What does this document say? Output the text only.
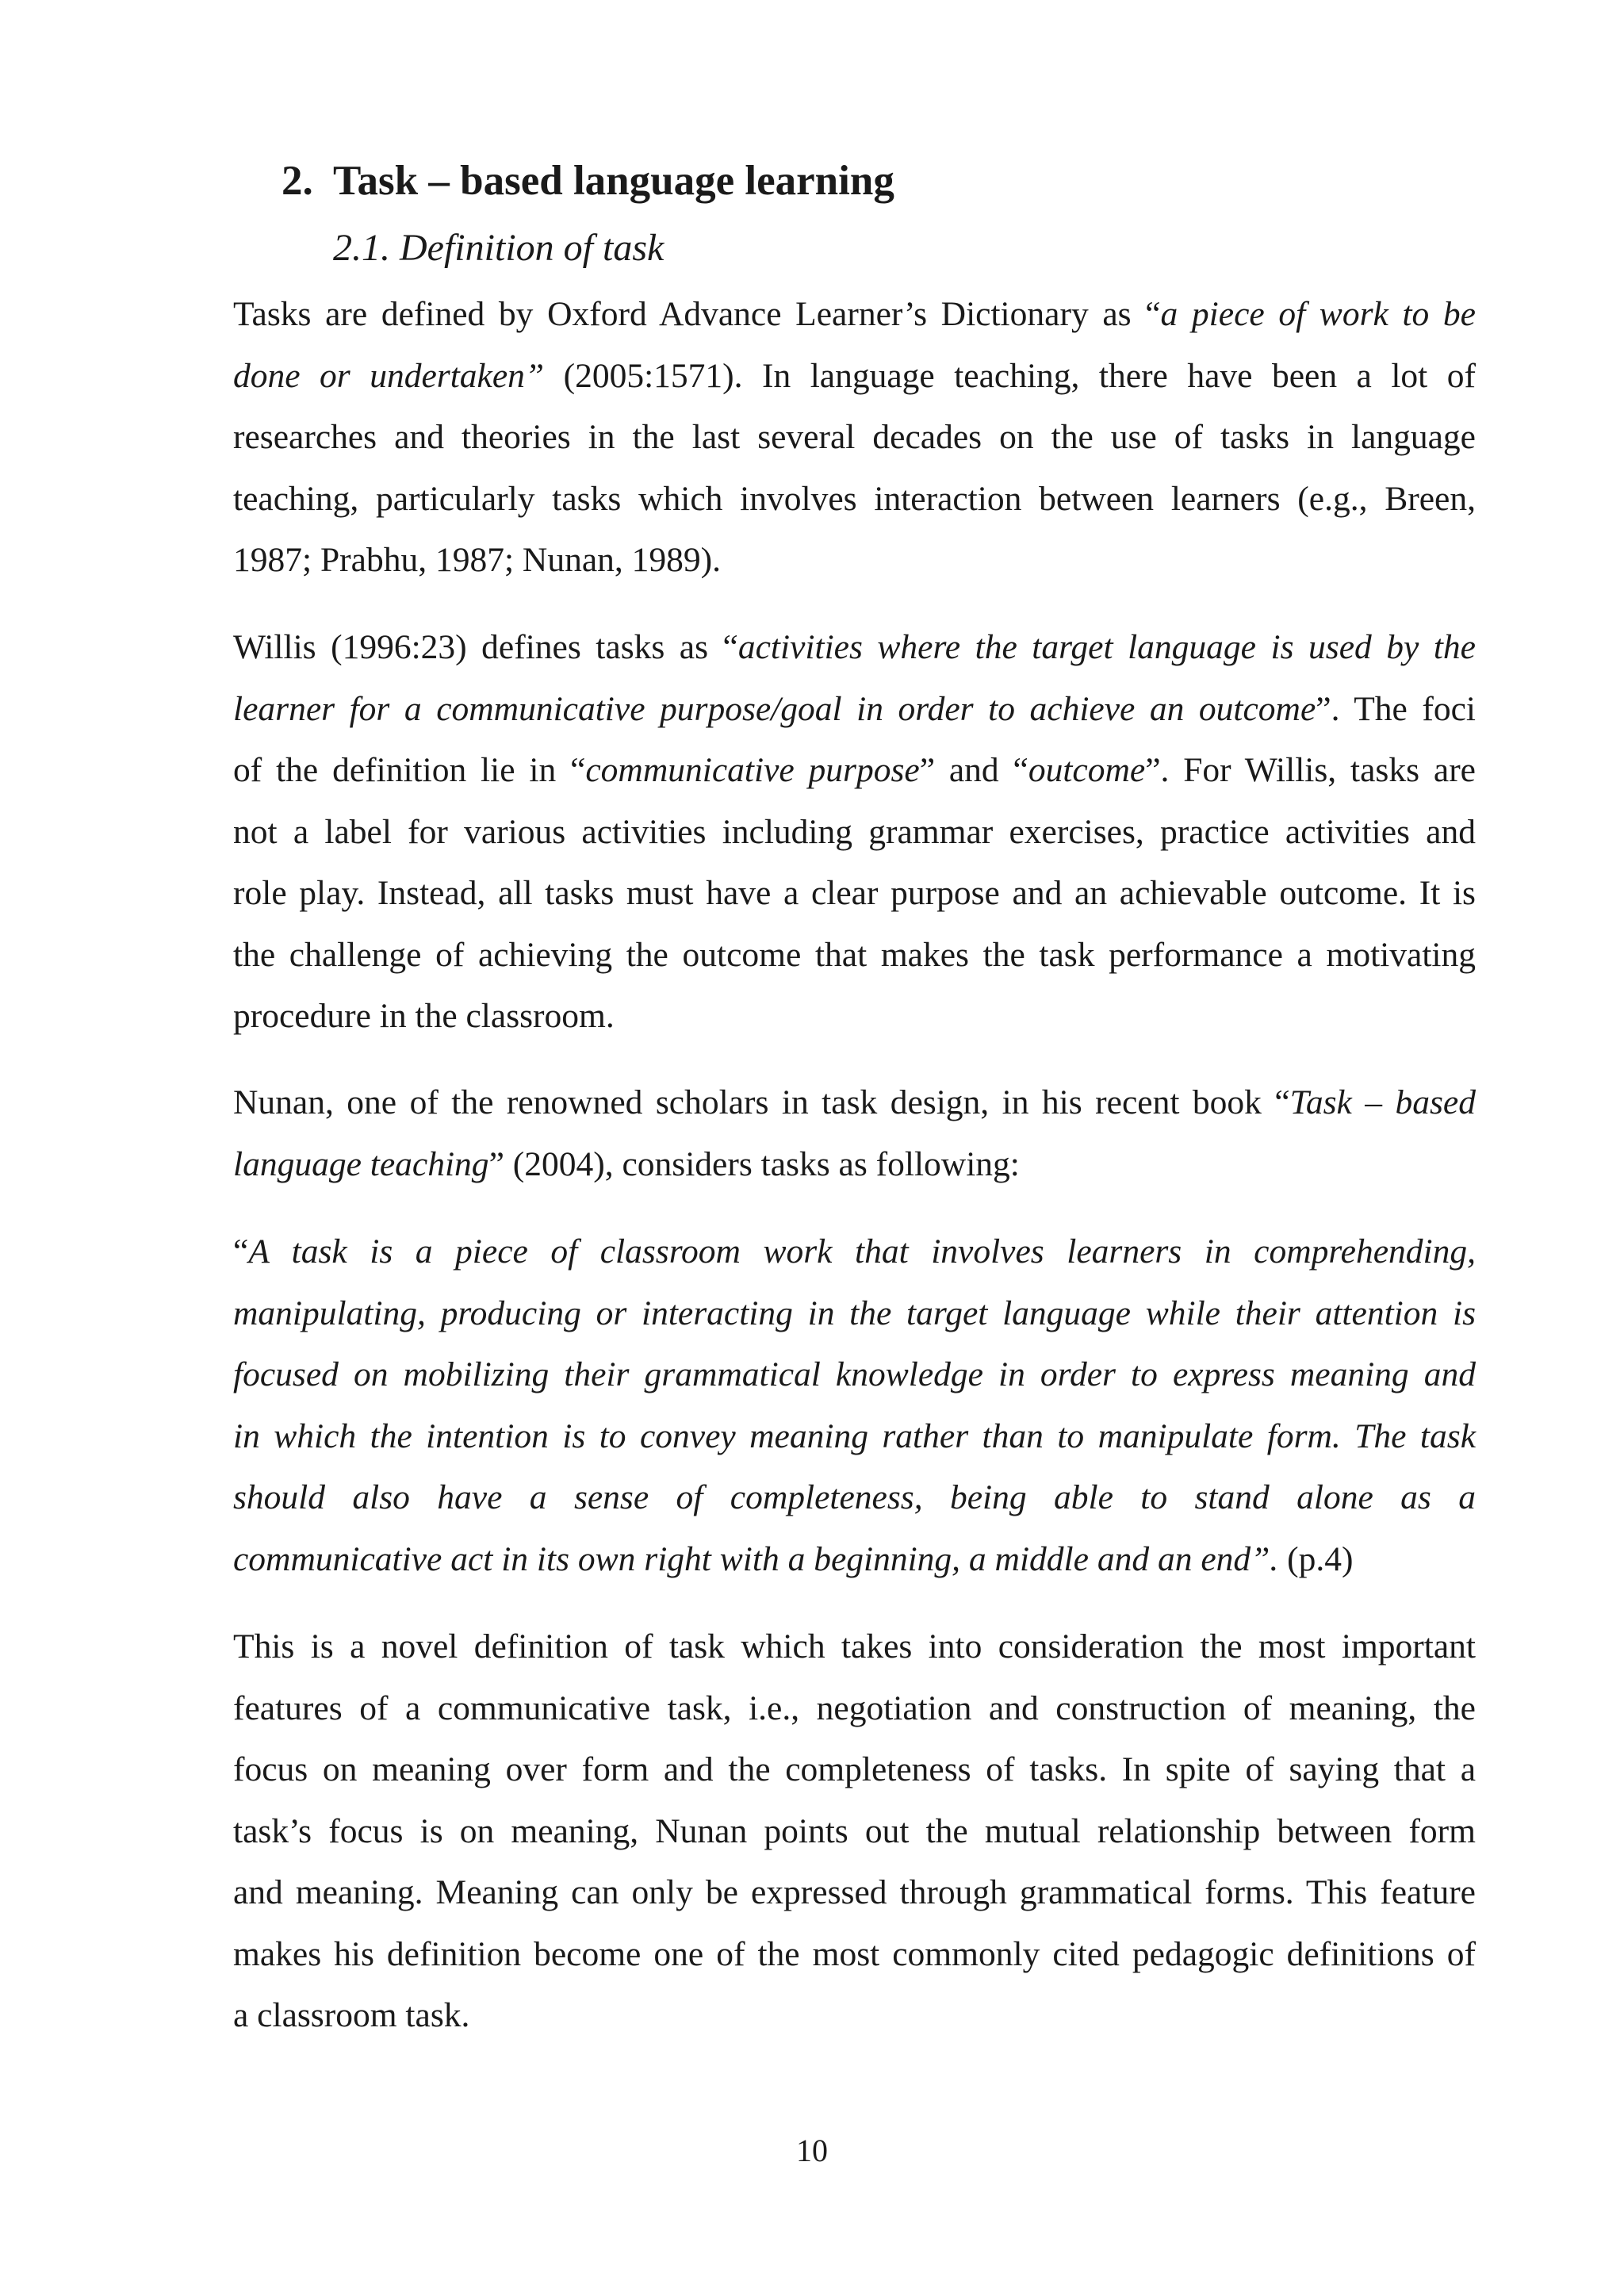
2. Task – based language learning
2.1. Definition of task
Tasks are defined by Oxford Advance Learner’s Dictionary as “a piece of work to be
done or undertaken” (2005:1571). In language teaching, there have been a lot of
researches and theories in the last several decades on the use of tasks in language
teaching, particularly tasks which involves interaction between learners (e.g., Breen,
1987; Prabhu, 1987; Nunan, 1989).
Willis (1996:23) defines tasks as “activities where the target language is used by the
learner for a communicative purpose/goal in order to achieve an outcome”. The foci
of the definition lie in “communicative purpose” and “outcome”. For Willis, tasks are
not a label for various activities including grammar exercises, practice activities and
role play. Instead, all tasks must have a clear purpose and an achievable outcome. It is
the challenge of achieving the outcome that makes the task performance a motivating
procedure in the classroom.
Nunan, one of the renowned scholars in task design, in his recent book “Task – based
language teaching” (2004), considers tasks as following:
“A task is a piece of classroom work that involves learners in comprehending,
manipulating, producing or interacting in the target language while their attention is
focused on mobilizing their grammatical knowledge in order to express meaning and
in which the intention is to convey meaning rather than to manipulate form. The task
should also have a sense of completeness, being able to stand alone as a
communicative act in its own right with a beginning, a middle and an end”. (p.4)
This is a novel definition of task which takes into consideration the most important
features of a communicative task, i.e., negotiation and construction of meaning, the
focus on meaning over form and the completeness of tasks. In spite of saying that a
task’s focus is on meaning, Nunan points out the mutual relationship between form
and meaning. Meaning can only be expressed through grammatical forms. This feature
makes his definition become one of the most commonly cited pedagogic definitions of
a classroom task.
10
